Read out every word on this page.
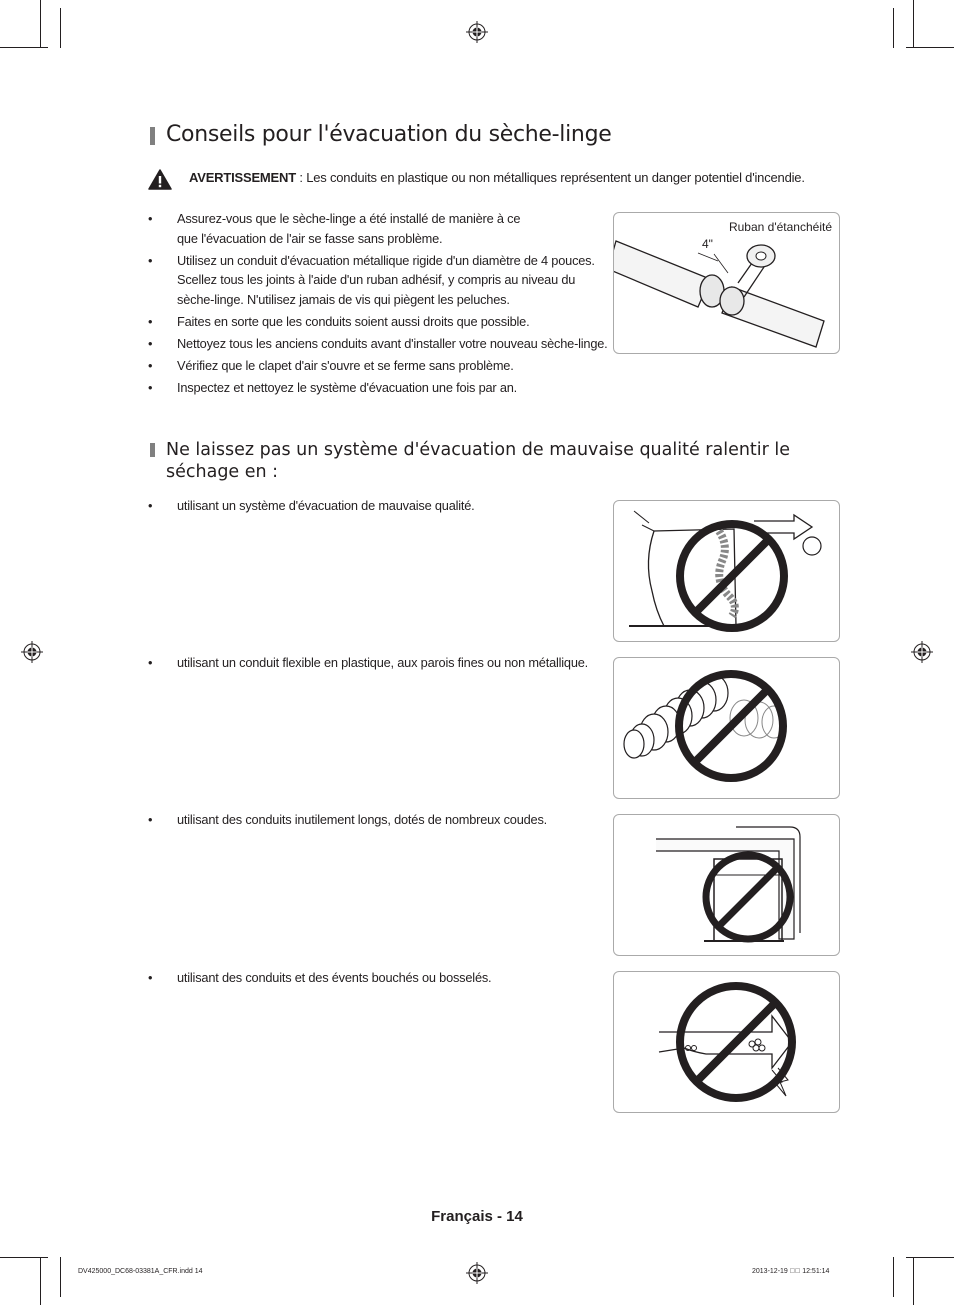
Conseils pour l'évacuation du sèche-linge
AVERTISSEMENT : Les conduits en plastique ou non métalliques représentent un danger potentiel d'incendie.
• Assurez-vous que le sèche-linge a été installé de manière à ce que l'évacuation de l'air se fasse sans problème.
• Utilisez un conduit d'évacuation métallique rigide d'un diamètre de 4 pouces. Scellez tous les joints à l'aide d'un ruban adhésif, y compris au niveau du sèche-linge. N'utilisez jamais de vis qui piègent les peluches.
• Faites en sorte que les conduits soient aussi droits que possible.
• Nettoyez tous les anciens conduits avant d'installer votre nouveau sèche-linge.
• Vérifiez que le clapet d'air s'ouvre et se ferme sans problème.
• Inspectez et nettoyez le système d'évacuation une fois par an.
Ruban d'étanchéité
4"
Ne laissez pas un système d'évacuation de mauvaise qualité ralentir le séchage en :
• utilisant un système d'évacuation de mauvaise qualité.
• utilisant un conduit flexible en plastique, aux parois fines ou non métallique.
• utilisant des conduits inutilement longs, dotés de nombreux coudes.
• utilisant des conduits et des évents bouchés ou bosselés.
Français - 14
DV425000_DC68-03381A_CFR.indd 14	2013-12-19    12:51:14
